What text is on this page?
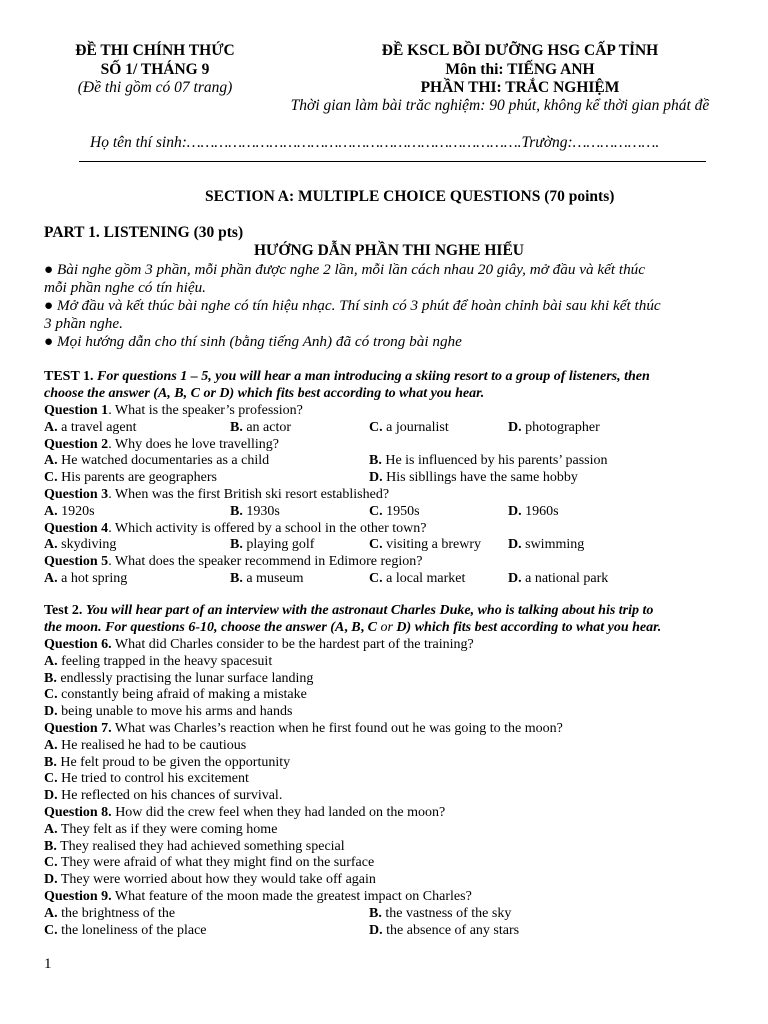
ĐỀ THI CHÍNH THỨC
SỐ 1/ THÁNG 9
(Đề thi gồm có 07 trang)
ĐỀ KSCL BỒI DƯỠNG HSG CẤP TỈNH
Môn thi: TIẾNG ANH
PHẦN THI: TRẮC NGHIỆM
Thời gian làm bài trăc nghiệm: 90 phút, không kể thời gian phát đề
Họ tên thí sinh:……………………………………………………………….Trường:……………….
SECTION A: MULTIPLE CHOICE QUESTIONS (70 points)
PART 1. LISTENING (30 pts)
HƯỚNG DẪN PHẦN THI NGHE HIỂU
● Bài nghe gồm 3 phần, mỗi phần được nghe 2 lần, mỗi lần cách nhau 20 giây, mở đầu và kết thúc
mỗi phần nghe có tín hiệu.
● Mở đầu và kết thúc bài nghe có tín hiệu nhạc. Thí sinh có 3 phút để hoàn chỉnh bài sau khi kết thúc
3 phần nghe.
● Mọi hướng dẫn cho thí sinh (bằng tiếng Anh) đã có trong bài nghe
TEST 1. For questions 1 – 5, you will hear a man introducing a skiing resort to a group of listeners, then
choose the answer (A, B, C or D) which fits best according to what you hear.
Question 1. What is the speaker’s profession?
A. a travel agent	B. an actor	C. a journalist	D. photographer
Question 2. Why does he love travelling?
A. He watched documentaries as a child	B. He is influenced by his parents’ passion
C. His parents are geographers	D. His sibllings have the same hobby
Question 3. When was the first British ski resort established?
A. 1920s	B. 1930s	C. 1950s	D. 1960s
Question 4. Which activity is offered by a school in the other town?
A. skydiving	B. playing golf	C. visiting a brewry D. swimming
Question 5. What does the speaker recommend in Edimore region?
A. a hot spring	B. a museum	C. a local market	D. a national park
Test 2. You will hear part of an interview with the astronaut Charles Duke, who is talking about his trip to
the moon. For questions 6-10, choose the answer (A, B, C or D) which fits best according to what you hear.
Question 6. What did Charles consider to be the hardest part of the training?
A. feeling trapped in the heavy spacesuit
B. endlessly practising the lunar surface landing
C. constantly being afraid of making a mistake
D. being unable to move his arms and hands
Question 7. What was Charles’s reaction when he first found out he was going to the moon?
A. He realised he had to be cautious
B. He felt proud to be given the opportunity
C. He tried to control his excitement
D. He reflected on his chances of survival.
Question 8. How did the crew feel when they had landed on the moon?
A. They felt as if they were coming home
B. They realised they had achieved something special
C. They were afraid of what they might find on the surface
D. They were worried about how they would take off again
Question 9. What feature of the moon made the greatest impact on Charles?
A. the brightness of the	B. the vastness of the sky
C. the loneliness of the place	D. the absence of any stars
1
